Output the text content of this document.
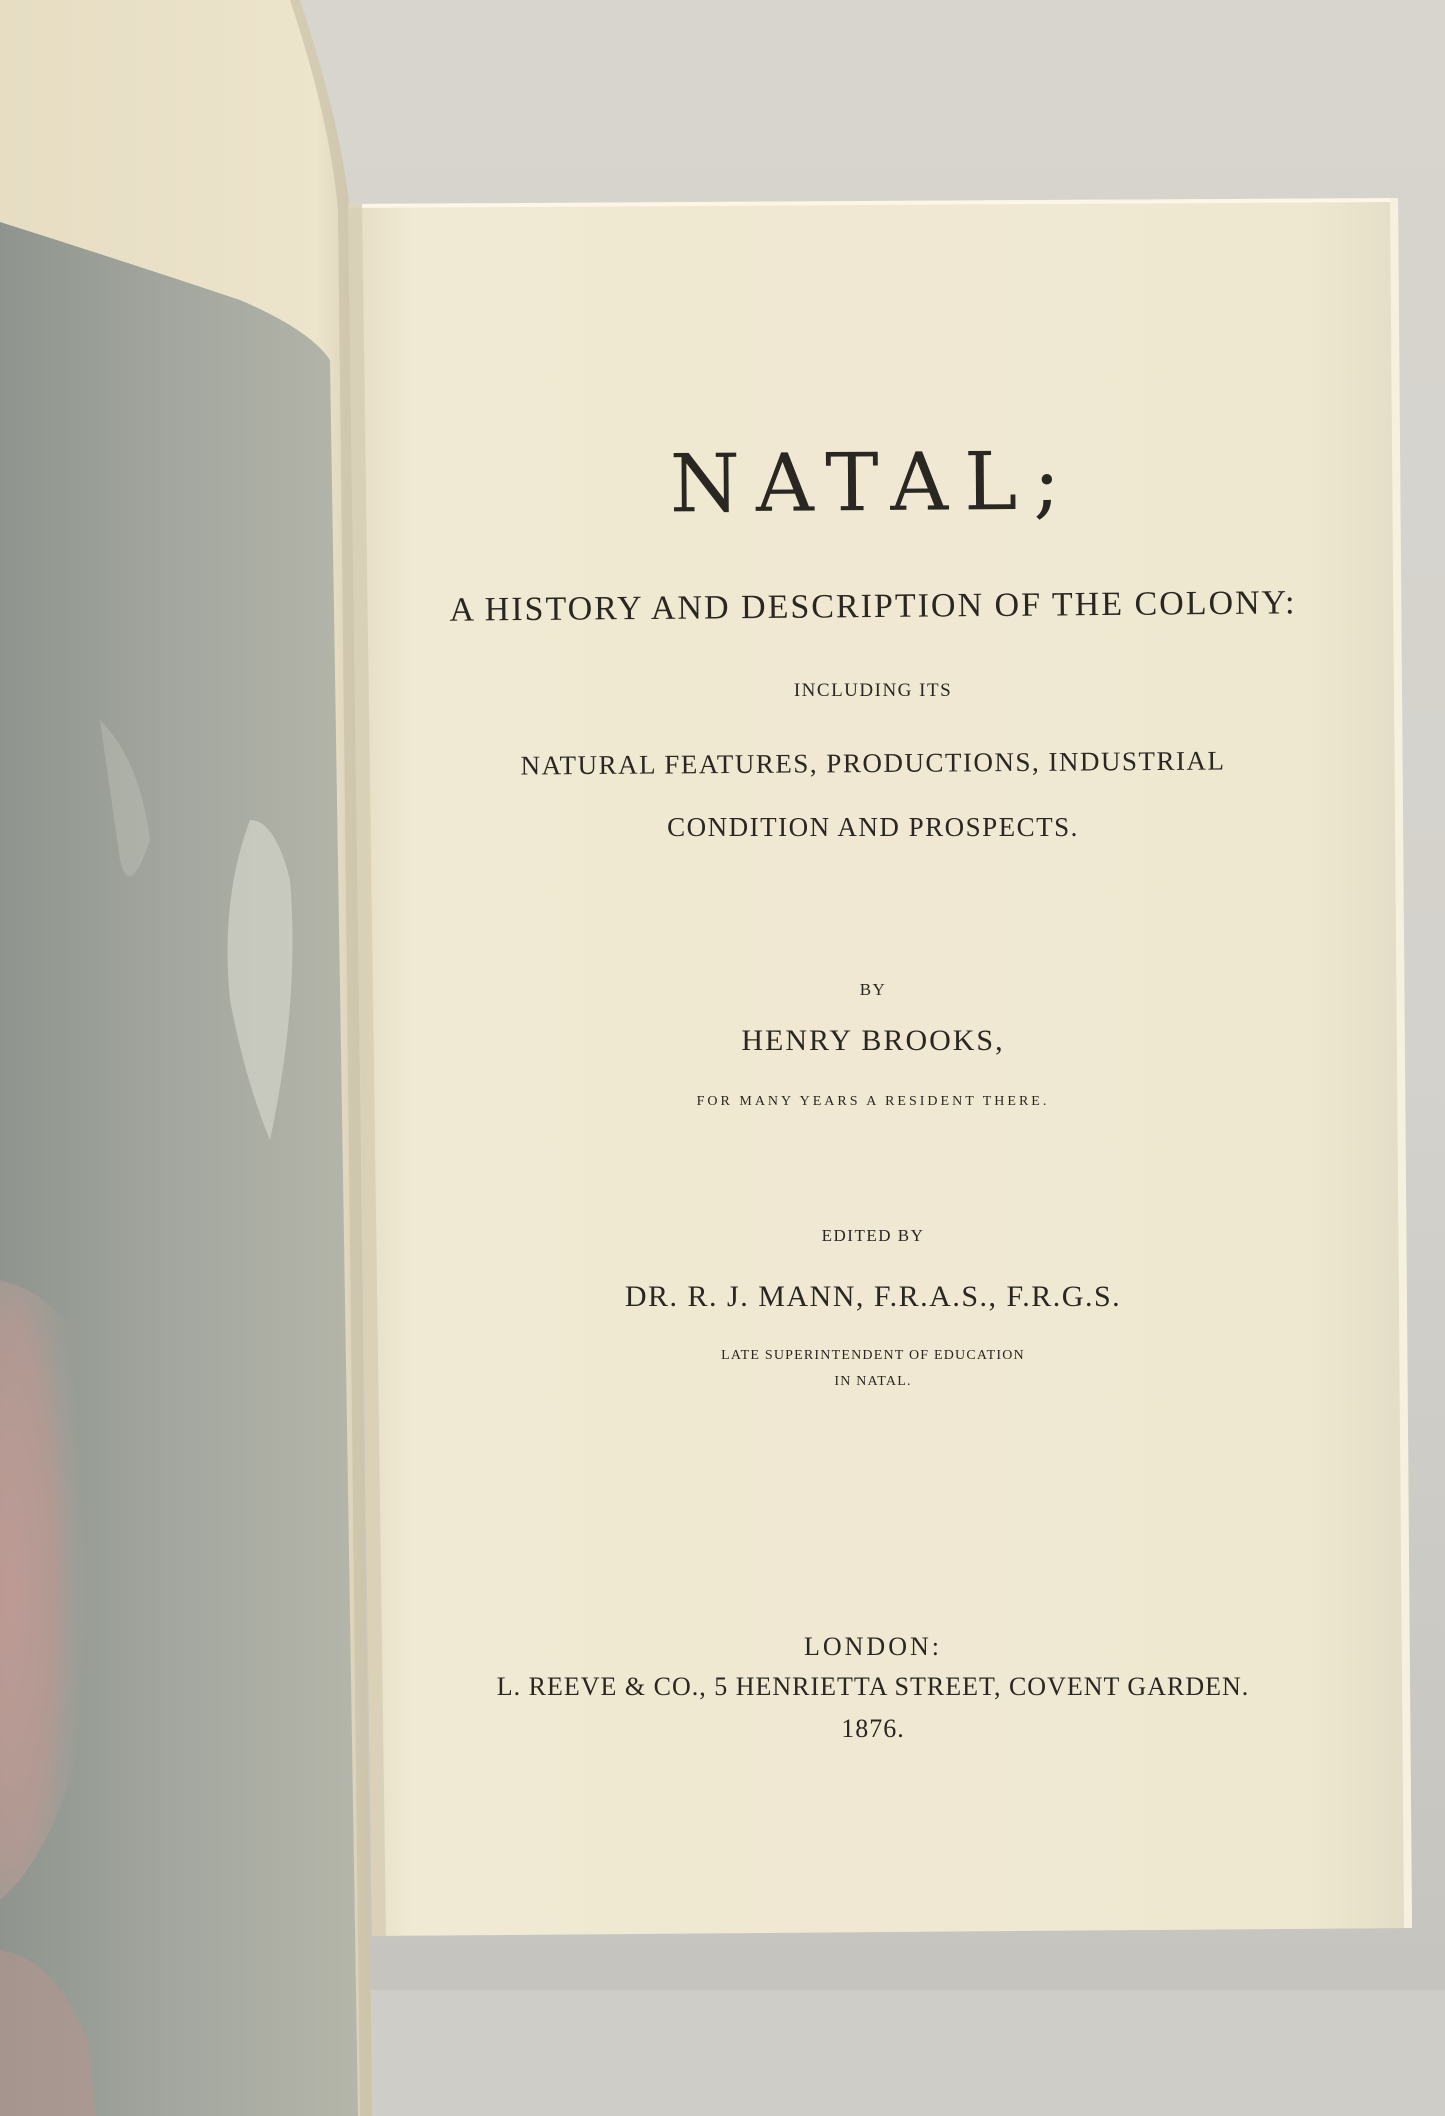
NATAL;
A HISTORY AND DESCRIPTION OF THE COLONY:
INCLUDING ITS
NATURAL FEATURES, PRODUCTIONS, INDUSTRIAL
CONDITION AND PROSPECTS.
BY
HENRY BROOKS,
FOR MANY YEARS A RESIDENT THERE.
EDITED BY
DR. R. J. MANN, F.R.A.S., F.R.G.S.
LATE SUPERINTENDENT OF EDUCATION
IN NATAL.
LONDON:
L. REEVE & CO., 5 HENRIETTA STREET, COVENT GARDEN.
1876.
